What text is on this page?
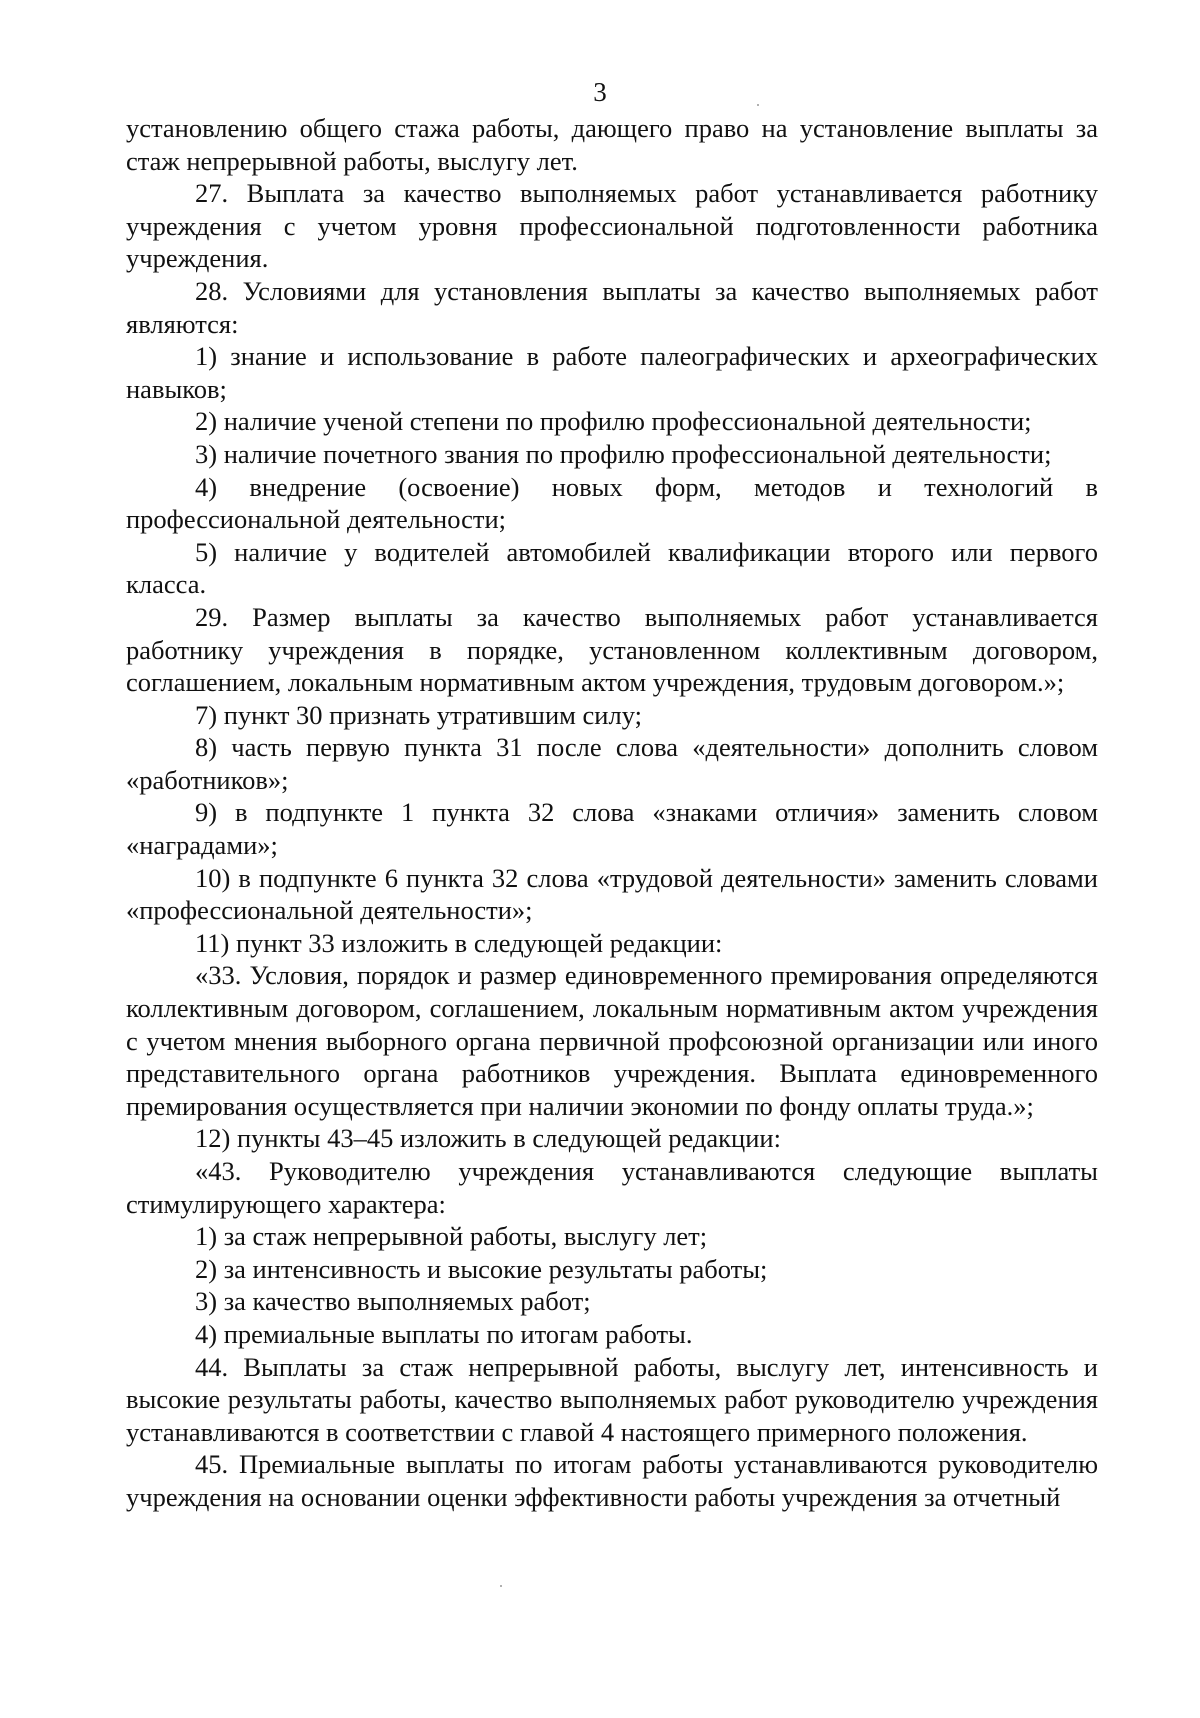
3

установлению общего стажа работы, дающего право на установление выплаты за стаж непрерывной работы, выслугу лет.

27. Выплата за качество выполняемых работ устанавливается работнику учреждения с учетом уровня профессиональной подготовленности работника учреждения.

28. Условиями для установления выплаты за качество выполняемых работ являются:

1) знание и использование в работе палеографических и археографических навыков;

2) наличие ученой степени по профилю профессиональной деятельности;

3) наличие почетного звания по профилю профессиональной деятельности;

4) внедрение (освоение) новых форм, методов и технологий в профессиональной деятельности;

5) наличие у водителей автомобилей квалификации второго или первого класса.

29. Размер выплаты за качество выполняемых работ устанавливается работнику учреждения в порядке, установленном коллективным договором, соглашением, локальным нормативным актом учреждения, трудовым договором.»;

7) пункт 30 признать утратившим силу;

8) часть первую пункта 31 после слова «деятельности» дополнить словом «работников»;

9) в подпункте 1 пункта 32 слова «знаками отличия» заменить словом «наградами»;

10) в подпункте 6 пункта 32 слова «трудовой деятельности» заменить словами «профессиональной деятельности»;

11) пункт 33 изложить в следующей редакции:

«33. Условия, порядок и размер единовременного премирования определяются коллективным договором, соглашением, локальным нормативным актом учреждения с учетом мнения выборного органа первичной профсоюзной организации или иного представительного органа работников учреждения. Выплата единовременного премирования осуществляется при наличии экономии по фонду оплаты труда.»;

12) пункты 43–45 изложить в следующей редакции:

«43. Руководителю учреждения устанавливаются следующие выплаты стимулирующего характера:

1) за стаж непрерывной работы, выслугу лет;

2) за интенсивность и высокие результаты работы;

3) за качество выполняемых работ;

4) премиальные выплаты по итогам работы.

44. Выплаты за стаж непрерывной работы, выслугу лет, интенсивность и высокие результаты работы, качество выполняемых работ руководителю учреждения устанавливаются в соответствии с главой 4 настоящего примерного положения.

45. Премиальные выплаты по итогам работы устанавливаются руководителю учреждения на основании оценки эффективности работы учреждения за отчетный
